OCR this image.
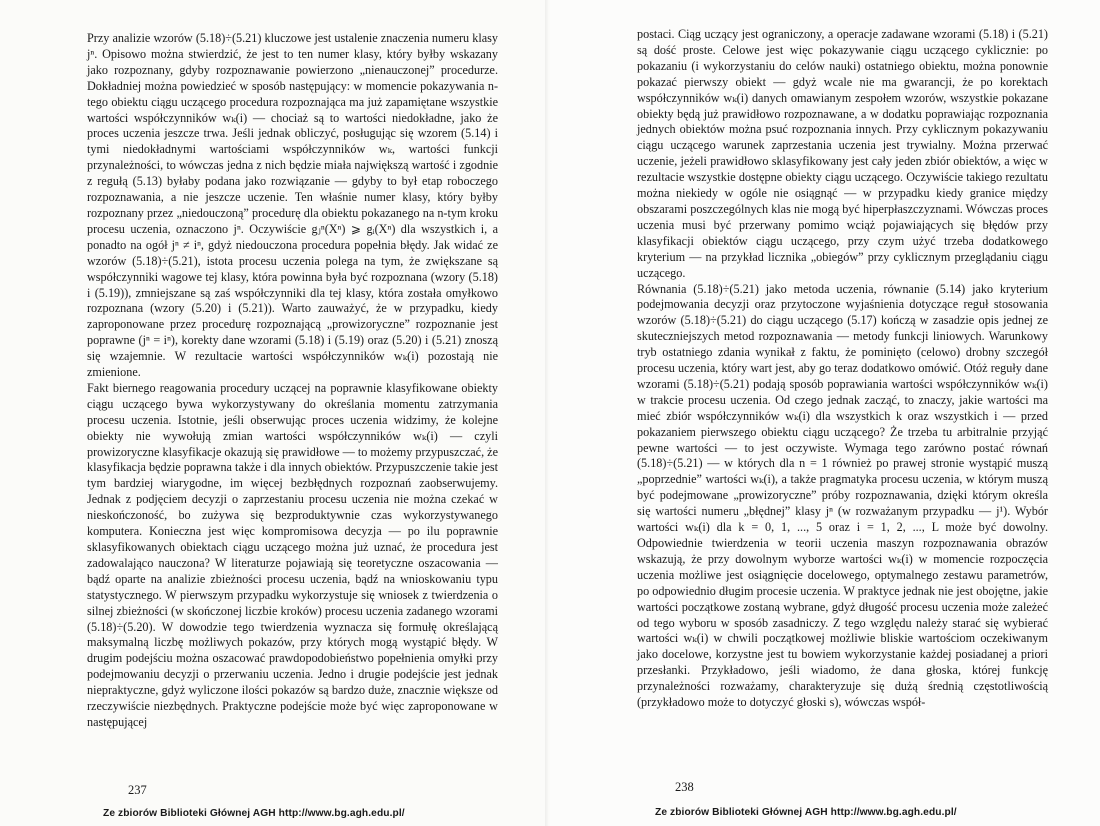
Przy analizie wzorów (5.18)÷(5.21) kluczowe jest ustalenie znaczenia numeru klasy jⁿ. Opisowo można stwierdzić, że jest to ten numer klasy, który byłby wskazany jako rozpoznany, gdyby rozpoznawanie powierzono „nienauczonej” procedurze. Dokładniej można powiedzieć w sposób następujący: w momencie pokazywania n-tego obiektu ciągu uczącego procedura rozpoznająca ma już zapamiętane wszystkie wartości współczynników wₖ(i) — chociaż są to wartości niedokładne, jako że proces uczenia jeszcze trwa. Jeśli jednak obliczyć, posługując się wzorem (5.14) i tymi niedokładnymi wartościami współczynników wₖ, wartości funkcji przynależności, to wówczas jedna z nich będzie miała największą wartość i zgodnie z regułą (5.13) byłaby podana jako rozwiązanie — gdyby to był etap roboczego rozpoznawania, a nie jeszcze uczenie. Ten właśnie numer klasy, który byłby rozpoznany przez „niedouczoną” procedurę dla obiektu pokazanego na n-tym kroku procesu uczenia, oznaczono jⁿ. Oczywiście gⱼⁿ(Xⁿ) ⩾ gᵢ(Xⁿ) dla wszystkich i, a ponadto na ogół jⁿ ≠ iⁿ, gdyż niedouczona procedura popełnia błędy. Jak widać ze wzorów (5.18)÷(5.21), istota procesu uczenia polega na tym, że zwiększane są współczynniki wagowe tej klasy, która powinna była być rozpoznana (wzory (5.18) i (5.19)), zmniejszane są zaś współczynniki dla tej klasy, która została omyłkowo rozpoznana (wzory (5.20) i (5.21)). Warto zauważyć, że w przypadku, kiedy zaproponowane przez procedurę rozpoznającą „prowizoryczne” rozpoznanie jest poprawne (jⁿ = iⁿ), korekty dane wzorami (5.18) i (5.19) oraz (5.20) i (5.21) znoszą się wzajemnie. W rezultacie wartości współczynników wₖ(i) pozostają nie zmienione.

Fakt biernego reagowania procedury uczącej na poprawnie klasyfikowane obiekty ciągu uczącego bywa wykorzystywany do określania momentu zatrzymania procesu uczenia. Istotnie, jeśli obserwując proces uczenia widzimy, że kolejne obiekty nie wywołują zmian wartości współczynników wₖ(i) — czyli prowizoryczne klasyfikacje okazują się prawidłowe — to możemy przypuszczać, że klasyfikacja będzie poprawna także i dla innych obiektów. Przypuszczenie takie jest tym bardziej wiarygodne, im więcej bezbłędnych rozpoznań zaobserwujemy. Jednak z podjęciem decyzji o zaprzestaniu procesu uczenia nie można czekać w nieskończoność, bo zużywa się bezproduktywnie czas wykorzystywanego komputera. Konieczna jest więc kompromisowa decyzja — po ilu poprawnie sklasyfikowanych obiektach ciągu uczącego można już uznać, że procedura jest zadowalająco nauczona? W literaturze pojawiają się teoretyczne oszacowania — bądź oparte na analizie zbieżności procesu uczenia, bądź na wnioskowaniu typu statystycznego. W pierwszym przypadku wykorzystuje się wniosek z twierdzenia o silnej zbieżności (w skończonej liczbie kroków) procesu uczenia zadanego wzorami (5.18)÷(5.20). W dowodzie tego twierdzenia wyznacza się formułę określającą maksymalną liczbę możliwych pokazów, przy których mogą wystąpić błędy. W drugim podejściu można oszacować prawdopodobieństwo popełnienia omyłki przy podejmowaniu decyzji o przerwaniu uczenia. Jedno i drugie podejście jest jednak niepraktyczne, gdyż wyliczone ilości pokazów są bardzo duże, znacznie większe od rzeczywiście niezbędnych. Praktyczne podejście może być więc zaproponowane w następującej

237
Ze zbiorów Biblioteki Głównej AGH http://www.bg.agh.edu.pl/

postaci. Ciąg uczący jest ograniczony, a operacje zadawane wzorami (5.18) i (5.21) są dość proste. Celowe jest więc pokazywanie ciągu uczącego cyklicznie: po pokazaniu (i wykorzystaniu do celów nauki) ostatniego obiektu, można ponownie pokazać pierwszy obiekt — gdyż wcale nie ma gwarancji, że po korektach współczynników wₖ(i) danych omawianym zespołem wzorów, wszystkie pokazane obiekty będą już prawidłowo rozpoznawane, a w dodatku poprawiając rozpoznania jednych obiektów można psuć rozpoznania innych. Przy cyklicznym pokazywaniu ciągu uczącego warunek zaprzestania uczenia jest trywialny. Można przerwać uczenie, jeżeli prawidłowo sklasyfikowany jest cały jeden zbiór obiektów, a więc w rezultacie wszystkie dostępne obiekty ciągu uczącego. Oczywiście takiego rezultatu można niekiedy w ogóle nie osiągnąć — w przypadku kiedy granice między obszarami poszczególnych klas nie mogą być hiperpłaszczyznami. Wówczas proces uczenia musi być przerwany pomimo wciąż pojawiających się błędów przy klasyfikacji obiektów ciągu uczącego, przy czym użyć trzeba dodatkowego kryterium — na przykład licznika „obiegów” przy cyklicznym przeglądaniu ciągu uczącego.

Równania (5.18)÷(5.21) jako metoda uczenia, równanie (5.14) jako kryterium podejmowania decyzji oraz przytoczone wyjaśnienia dotyczące reguł stosowania wzorów (5.18)÷(5.21) do ciągu uczącego (5.17) kończą w zasadzie opis jednej ze skuteczniejszych metod rozpoznawania — metody funkcji liniowych. Warunkowy tryb ostatniego zdania wynikał z faktu, że pominięto (celowo) drobny szczegół procesu uczenia, który wart jest, aby go teraz dodatkowo omówić. Otóż reguły dane wzorami (5.18)÷(5.21) podają sposób poprawiania wartości współczynników wₖ(i) w trakcie procesu uczenia. Od czego jednak zacząć, to znaczy, jakie wartości ma mieć zbiór współczynników wₖ(i) dla wszystkich k oraz wszystkich i — przed pokazaniem pierwszego obiektu ciągu uczącego? Że trzeba tu arbitralnie przyjąć pewne wartości — to jest oczywiste. Wymaga tego zarówno postać równań (5.18)÷(5.21) — w których dla n = 1 również po prawej stronie wystąpić muszą „poprzednie” wartości wₖ(i), a także pragmatyka procesu uczenia, w którym muszą być podejmowane „prowizoryczne” próby rozpoznawania, dzięki którym określa się wartości numeru „błędnej” klasy jⁿ (w rozważanym przypadku — j¹). Wybór wartości wₖ(i) dla k = 0, 1, ..., 5 oraz i = 1, 2, ..., L może być dowolny. Odpowiednie twierdzenia w teorii uczenia maszyn rozpoznawania obrazów wskazują, że przy dowolnym wyborze wartości wₖ(i) w momencie rozpoczęcia uczenia możliwe jest osiągnięcie docelowego, optymalnego zestawu parametrów, po odpowiednio długim procesie uczenia. W praktyce jednak nie jest obojętne, jakie wartości początkowe zostaną wybrane, gdyż długość procesu uczenia może zależeć od tego wyboru w sposób zasadniczy. Z tego względu należy starać się wybierać wartości wₖ(i) w chwili początkowej możliwie bliskie wartościom oczekiwanym jako docelowe, korzystne jest tu bowiem wykorzystanie każdej posiadanej a priori przesłanki. Przykładowo, jeśli wiadomo, że dana głoska, której funkcję przynależności rozważamy, charakteryzuje się dużą średnią częstotliwością (przykładowo może to dotyczyć głoski s), wówczas współ-

238
Ze zbiorów Biblioteki Głównej AGH http://www.bg.agh.edu.pl/
